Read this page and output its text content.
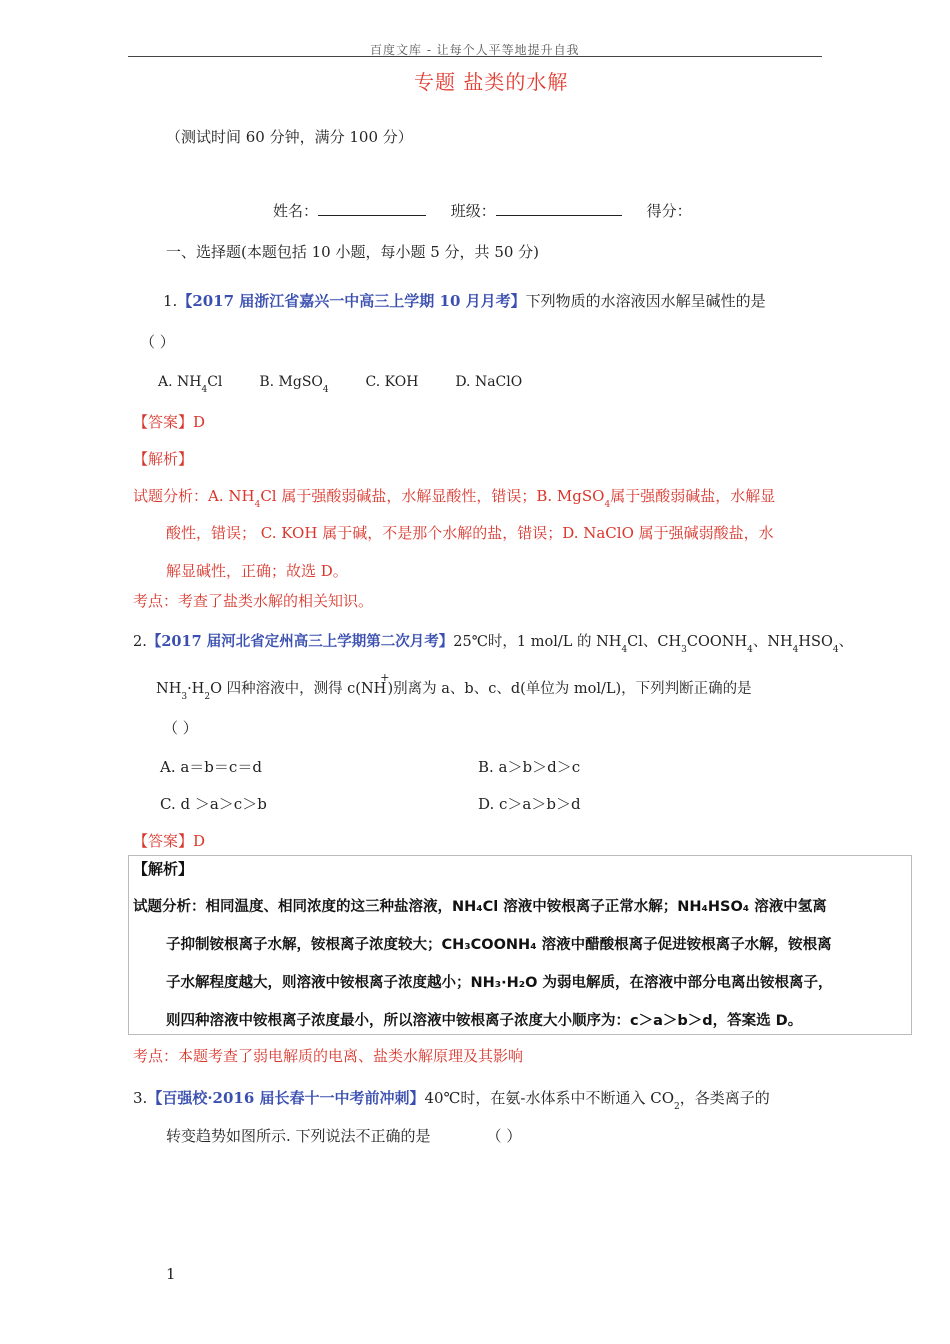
百度文库 - 让每个人平等地提升自我
专题 盐类的水解
（测试时间 60 分钟，满分 100 分）
姓名：	班级：	得分：
一、选择题(本题包括 10 小题，每小题 5 分，共 50 分)
1.【2017 届浙江省嘉兴一中高三上学期 10 月月考】下列物质的水溶液因水解呈碱性的是
（ ）
A. $NH_4Cl$	B. MgSO$_4$	C. KOH	D. NaClO
【答案】D
【解析】
试题分析：A. $NH_4Cl$ 属于强酸弱碱盐，水解显酸性，错误；B. MgSO$_4$属于强酸弱碱盐，水解显
酸性，错误； C. KOH 属于碱，不是那个水解的盐，错误；D. NaClO 属于强碱弱酸盐，水
解显碱性，正确；故选 D。
考点：考查了盐类水解的相关知识。
2.【2017 届河北省定州高三上学期第二次月考】25℃时，1 mol/L 的 $NH_4Cl$、$CH_3COONH_4$、$NH_4HSO_4$、
$NH_3\cdot H_2O$ 四种溶液中，测得 c(NH+)别离为 a、b、c、d(单位为 mol/L)，下列判断正确的是
（ ）
A. a＝b＝c＝d	B. a＞b＞d＞c
C. d ＞a＞c＞b	D. c＞a＞b＞d
【答案】D
【解析】
试题分析：相同温度、相同浓度的这三种盐溶液，NH₄Cl 溶液中铵根离子正常水解；NH₄HSO₄ 溶液中氢离
子抑制铵根离子水解，铵根离子浓度较大；CH₃COONH₄ 溶液中醋酸根离子促进铵根离子水解，铵根离
子水解程度越大，则溶液中铵根离子浓度越小；NH₃·H₂O 为弱电解质，在溶液中部分电离出铵根离子，
则四种溶液中铵根离子浓度最小，所以溶液中铵根离子浓度大小顺序为：c＞a＞b＞d，答案选 D。
考点：本题考查了弱电解质的电离、盐类水解原理及其影响
3.【百强校·2016 届长春十一中考前冲刺】40℃时，在氨-水体系中不断通入 $CO_2$，各类离子的
转变趋势如图所示. 下列说法不正确的是	（ ）
1
